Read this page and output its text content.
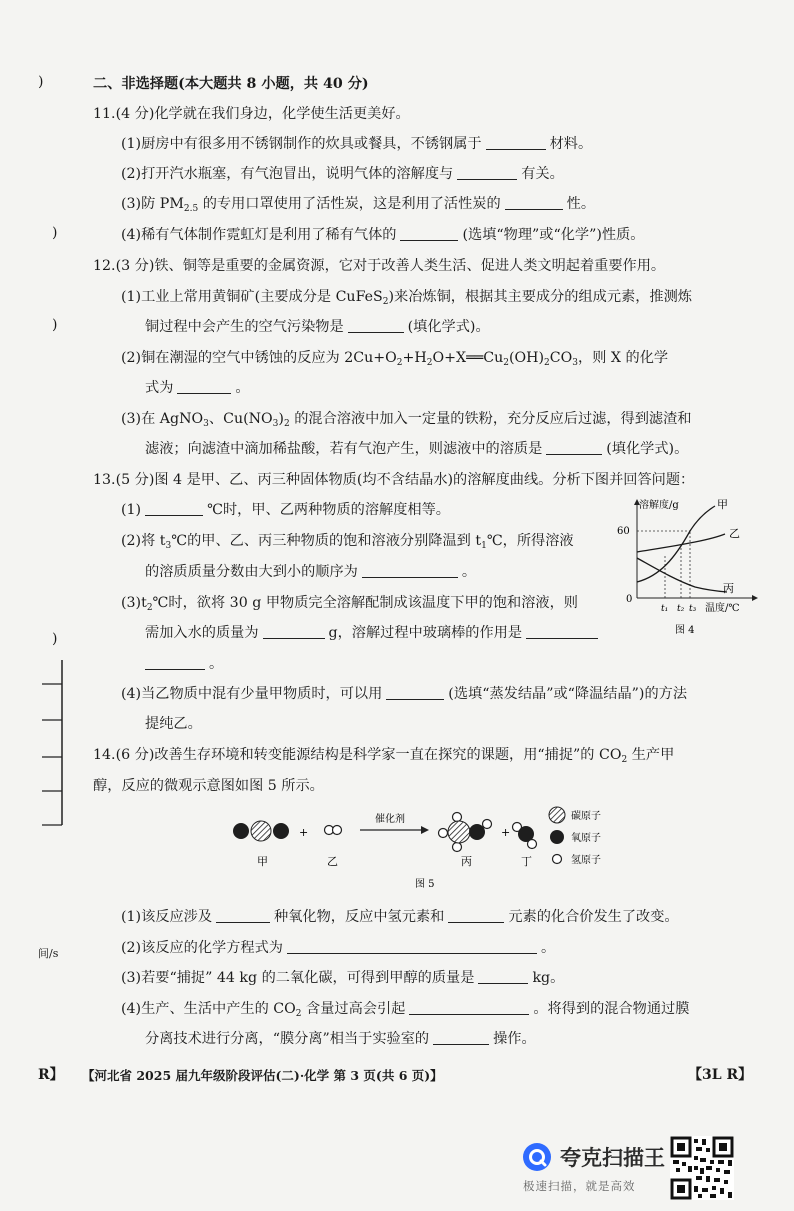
)
)
)
)
间/s
R】
二、非选择题(本大题共 8 小题，共 40 分)
11.(4 分)化学就在我们身边，化学使生活更美好。
(1)厨房中有很多用不锈钢制作的炊具或餐具，不锈钢属于	材料。
(2)打开汽水瓶塞，有气泡冒出，说明气体的溶解度与	有关。
(3)防 $PM_{2.5}$ 的专用口罩使用了活性炭，这是利用了活性炭的	性。
(4)稀有气体制作霓虹灯是利用了稀有气体的	(选填“物理”或“化学”)性质。
12.(3 分)铁、铜等是重要的金属资源，它对于改善人类生活、促进人类文明起着重要作用。
(1)工业上常用黄铜矿(主要成分是 CuFeS$_2$)来冶炼铜，根据其主要成分的组成元素，推测炼
铜过程中会产生的空气污染物是	(填化学式)。
(2)铜在潮湿的空气中锈蚀的反应为 $2Cu+O_2+H_2O+X══Cu_2(OH)_2CO_3$，则 X 的化学
式为	。
(3)在 AgNO$_3$、$Cu(NO_3)_2$ 的混合溶液中加入一定量的铁粉，充分反应后过滤，得到滤渣和
滤液；向滤渣中滴加稀盐酸，若有气泡产生，则滤液中的溶质是	(填化学式)。
13.(5 分)图 4 是甲、乙、丙三种固体物质(均不含结晶水)的溶解度曲线。分析下图并回答问题：
(1)	℃时，甲、乙两种物质的溶解度相等。
(2)将 $t_3℃$的甲、乙、丙三种物质的饱和溶液分别降温到 $t_1℃$，所得溶液
的溶质质量分数由大到小的顺序为	。
$(3)t_2℃$时，欲将 30 g 甲物质完全溶解配制成该温度下甲的饱和溶液，则
需加入水的质量为	g，溶解过程中玻璃棒的作用是
。
(4)当乙物质中混有少量甲物质时，可以用	(选填“蒸发结晶”或“降温结晶”)的方法
提纯乙。
60
0
溶解度/g
温度/℃
t₁ t₂ t₃
甲
乙
丙
图 4
14.(6 分)改善生存环境和转变能源结构是科学家一直在探究的课题，用“捕捉”的 $CO_2$ 生产甲
醇，反应的微观示意图如图 5 所示。
+
催化剂
+
甲	乙	丙	丁
碳原子
氧原子
氢原子
图 5
(1)该反应涉及	种氧化物，反应中氢元素和	元素的化合价发生了改变。
(2)该反应的化学方程式为	。
(3)若要“捕捉” 44 kg 的二氧化碳，可得到甲醇的质量是	kg。
(4)生产、生活中产生的 $CO_2$ 含量过高会引起	。将得到的混合物通过膜
分离技术进行分离，“膜分离”相当于实验室的	操作。
【河北省 2025 届九年级阶段评估(二)·化学 第 3 页(共 6 页)】	【3L R】
夸克扫描王
极速扫描，就是高效
